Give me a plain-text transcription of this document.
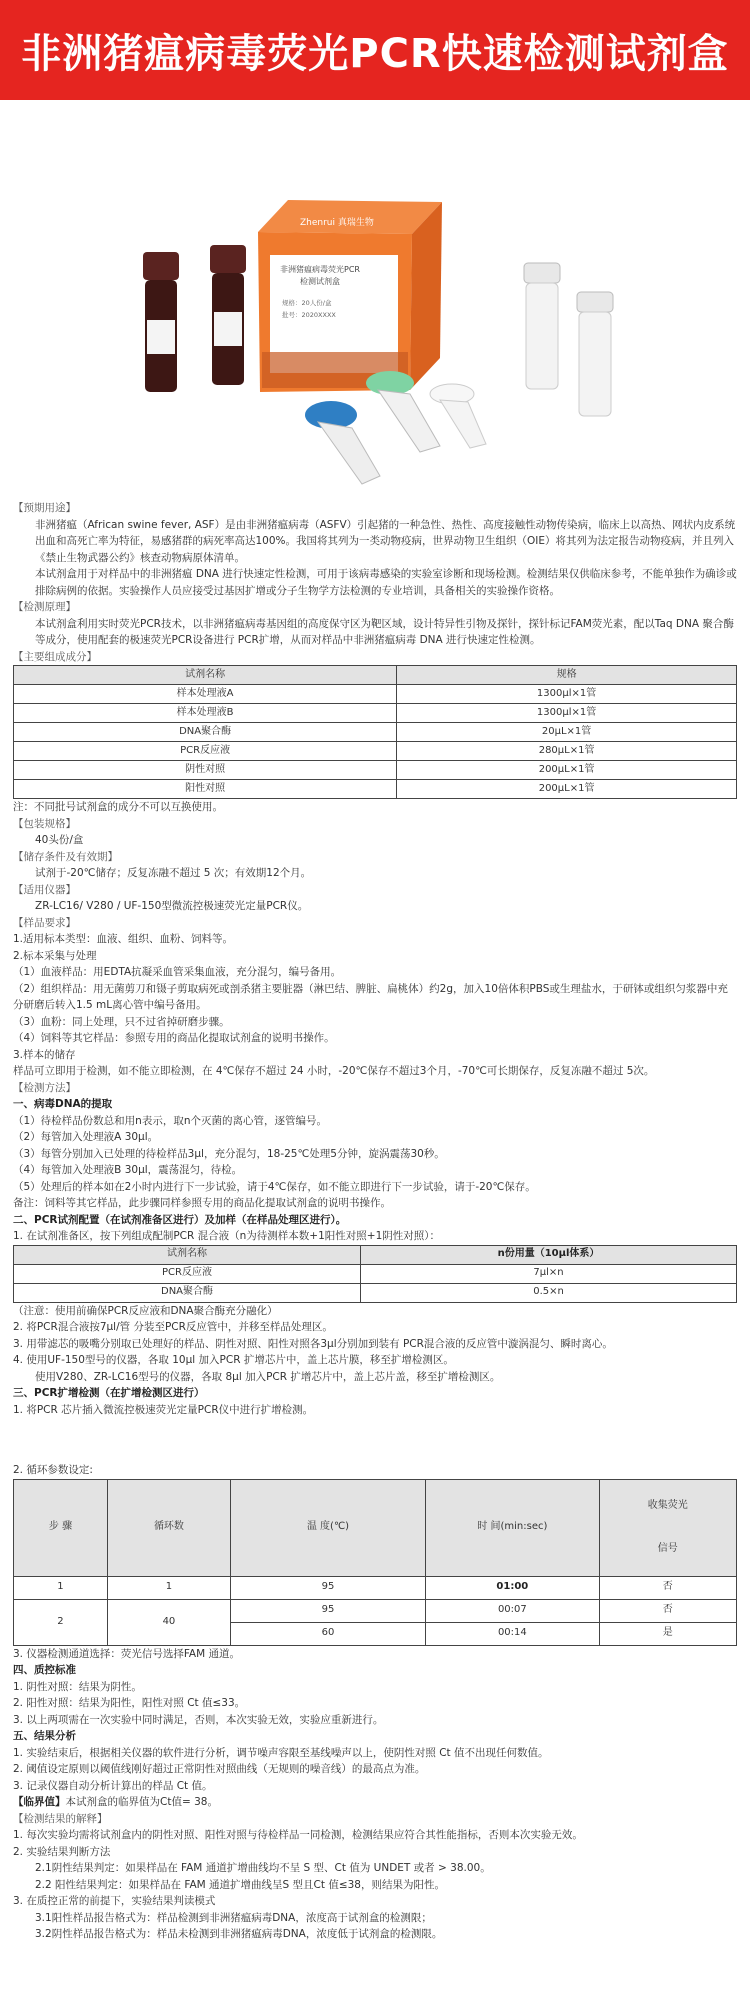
非洲猪瘟病毒荧光PCR快速检测试剂盒
Zhenrui 真瑞生物
非洲猪瘟病毒荧光PCR
检测试剂盒
规格：20人份/盒
批号：2020XXXX

【预期用途】

非洲猪瘟（African swine fever, ASF）是由非洲猪瘟病毒（ASFV）引起猪的一种急性、热性、高度接触性动物传染病，临床上以高热、网状内皮系统出血和高死亡率为特征，易感猪群的病死率高达100%。我国将其列为一类动物疫病，世界动物卫生组织（OIE）将其列为法定报告动物疫病，并且列入《禁止生物武器公约》核查动物病原体清单。

本试剂盒用于对样品中的非洲猪瘟 DNA 进行快速定性检测，可用于该病毒感染的实验室诊断和现场检测。检测结果仅供临床参考，不能单独作为确诊或排除病例的依据。实验操作人员应接受过基因扩增或分子生物学方法检测的专业培训，具备相关的实验操作资格。

【检测原理】

本试剂盒利用实时荧光PCR技术，以非洲猪瘟病毒基因组的高度保守区为靶区域，设计特异性引物及探针，探针标记FAM荧光素，配以Taq DNA 聚合酶等成分，使用配套的极速荧光PCR设备进行 PCR扩增，从而对样品中非洲猪瘟病毒 DNA 进行快速定性检测。

【主要组成成分】

试剂名称	规格
样本处理液A	1300μl×1管
样本处理液B	1300μl×1管
DNA聚合酶	20μL×1管
PCR反应液	280μL×1管
阴性对照	200μL×1管
阳性对照	200μL×1管

注：不同批号试剂盒的成分不可以互换使用。

【包装规格】

40头份/盒

【储存条件及有效期】

试剂于-20℃储存；反复冻融不超过 5 次；有效期12个月。

【适用仪器】

ZR-LC16/ V280 / UF-150型微流控极速荧光定量PCR仪。

【样品要求】

1.适用标本类型：血液、组织、血粉、饲料等。

2.标本采集与处理

（1）血液样品：用EDTA抗凝采血管采集血液，充分混匀，编号备用。

（2）组织样品：用无菌剪刀和镊子剪取病死或剖杀猪主要脏器（淋巴结、脾脏、扁桃体）约2g，加入10倍体积PBS或生理盐水，于研钵或组织匀浆器中充分研磨后转入1.5 mL离心管中编号备用。

（3）血粉：同上处理，只不过省掉研磨步骤。

（4）饲料等其它样品：参照专用的商品化提取试剂盒的说明书操作。

3.样本的储存

样品可立即用于检测，如不能立即检测，在 4℃保存不超过 24 小时，-20℃保存不超过3个月，-70℃可长期保存，反复冻融不超过 5次。

【检测方法】

一、病毒DNA的提取

（1）待检样品份数总和用n表示，取n个灭菌的离心管，逐管编号。

（2）每管加入处理液A 30μl。

（3）每管分别加入已处理的待检样品3μl，充分混匀，18-25℃处理5分钟，旋涡震荡30秒。

（4）每管加入处理液B 30μl，震荡混匀，待检。

（5）处理后的样本如在2小时内进行下一步试验，请于4℃保存，如不能立即进行下一步试验，请于-20℃保存。

备注：饲料等其它样品，此步骤同样参照专用的商品化提取试剂盒的说明书操作。

二、PCR试剂配置（在试剂准备区进行）及加样（在样品处理区进行）。

1. 在试剂准备区，按下列组成配制PCR 混合液（n为待测样本数+1阳性对照+1阴性对照）：

试剂名称	n份用量（10μl体系）
PCR反应液	7μl×n
DNA聚合酶	0.5×n

（注意：使用前确保PCR反应液和DNA聚合酶充分融化）

2. 将PCR混合液按7μl/管 分装至PCR反应管中，并移至样品处理区。

3. 用带滤芯的吸嘴分别取已处理好的样品、阴性对照、阳性对照各3μl分别加到装有 PCR混合液的反应管中漩涡混匀、瞬时离心。

4. 使用UF-150型号的仪器，各取 10μl 加入PCR 扩增芯片中，盖上芯片膜，移至扩增检测区。

使用V280、ZR-LC16型号的仪器，各取 8μl 加入PCR 扩增芯片中，盖上芯片盖，移至扩增检测区。

三、PCR扩增检测（在扩增检测区进行）

1. 将PCR 芯片插入微流控极速荧光定量PCR仪中进行扩增检测。

2. 循环参数设定:

步 骤	循环数	温 度(℃)	时 间(min:sec)	收集荧光
信号

1	1	95	01:00	否
2	40	95	00:07	否
		60	00:14	是

3. 仪器检测通道选择：荧光信号选择FAM 通道。

四、质控标准

1. 阴性对照：结果为阴性。

2. 阳性对照：结果为阳性，阳性对照 Ct 值≤33。

3. 以上两项需在一次实验中同时满足，否则，本次实验无效，实验应重新进行。

五、结果分析

1. 实验结束后，根据相关仪器的软件进行分析，调节噪声容限至基线噪声以上，使阴性对照 Ct 值不出现任何数值。

2. 阈值设定原则以阈值线刚好超过正常阴性对照曲线（无规则的噪音线）的最高点为准。

3. 记录仪器自动分析计算出的样品 Ct 值。

【临界值】本试剂盒的临界值为Ct值= 38。

【检测结果的解释】

1. 每次实验均需将试剂盒内的阴性对照、阳性对照与待检样品一同检测，检测结果应符合其性能指标，否则本次实验无效。

2. 实验结果判断方法

2.1阴性结果判定：如果样品在 FAM 通道扩增曲线均不呈 S 型、Ct 值为 UNDET 或者 > 38.00。

2.2 阳性结果判定：如果样品在 FAM 通道扩增曲线呈S 型且Ct 值≤38，则结果为阳性。

3. 在质控正常的前提下，实验结果判读模式

3.1阳性样品报告格式为：样品检测到非洲猪瘟病毒DNA，浓度高于试剂盒的检测限；

3.2阴性样品报告格式为：样品未检测到非洲猪瘟病毒DNA，浓度低于试剂盒的检测限。
